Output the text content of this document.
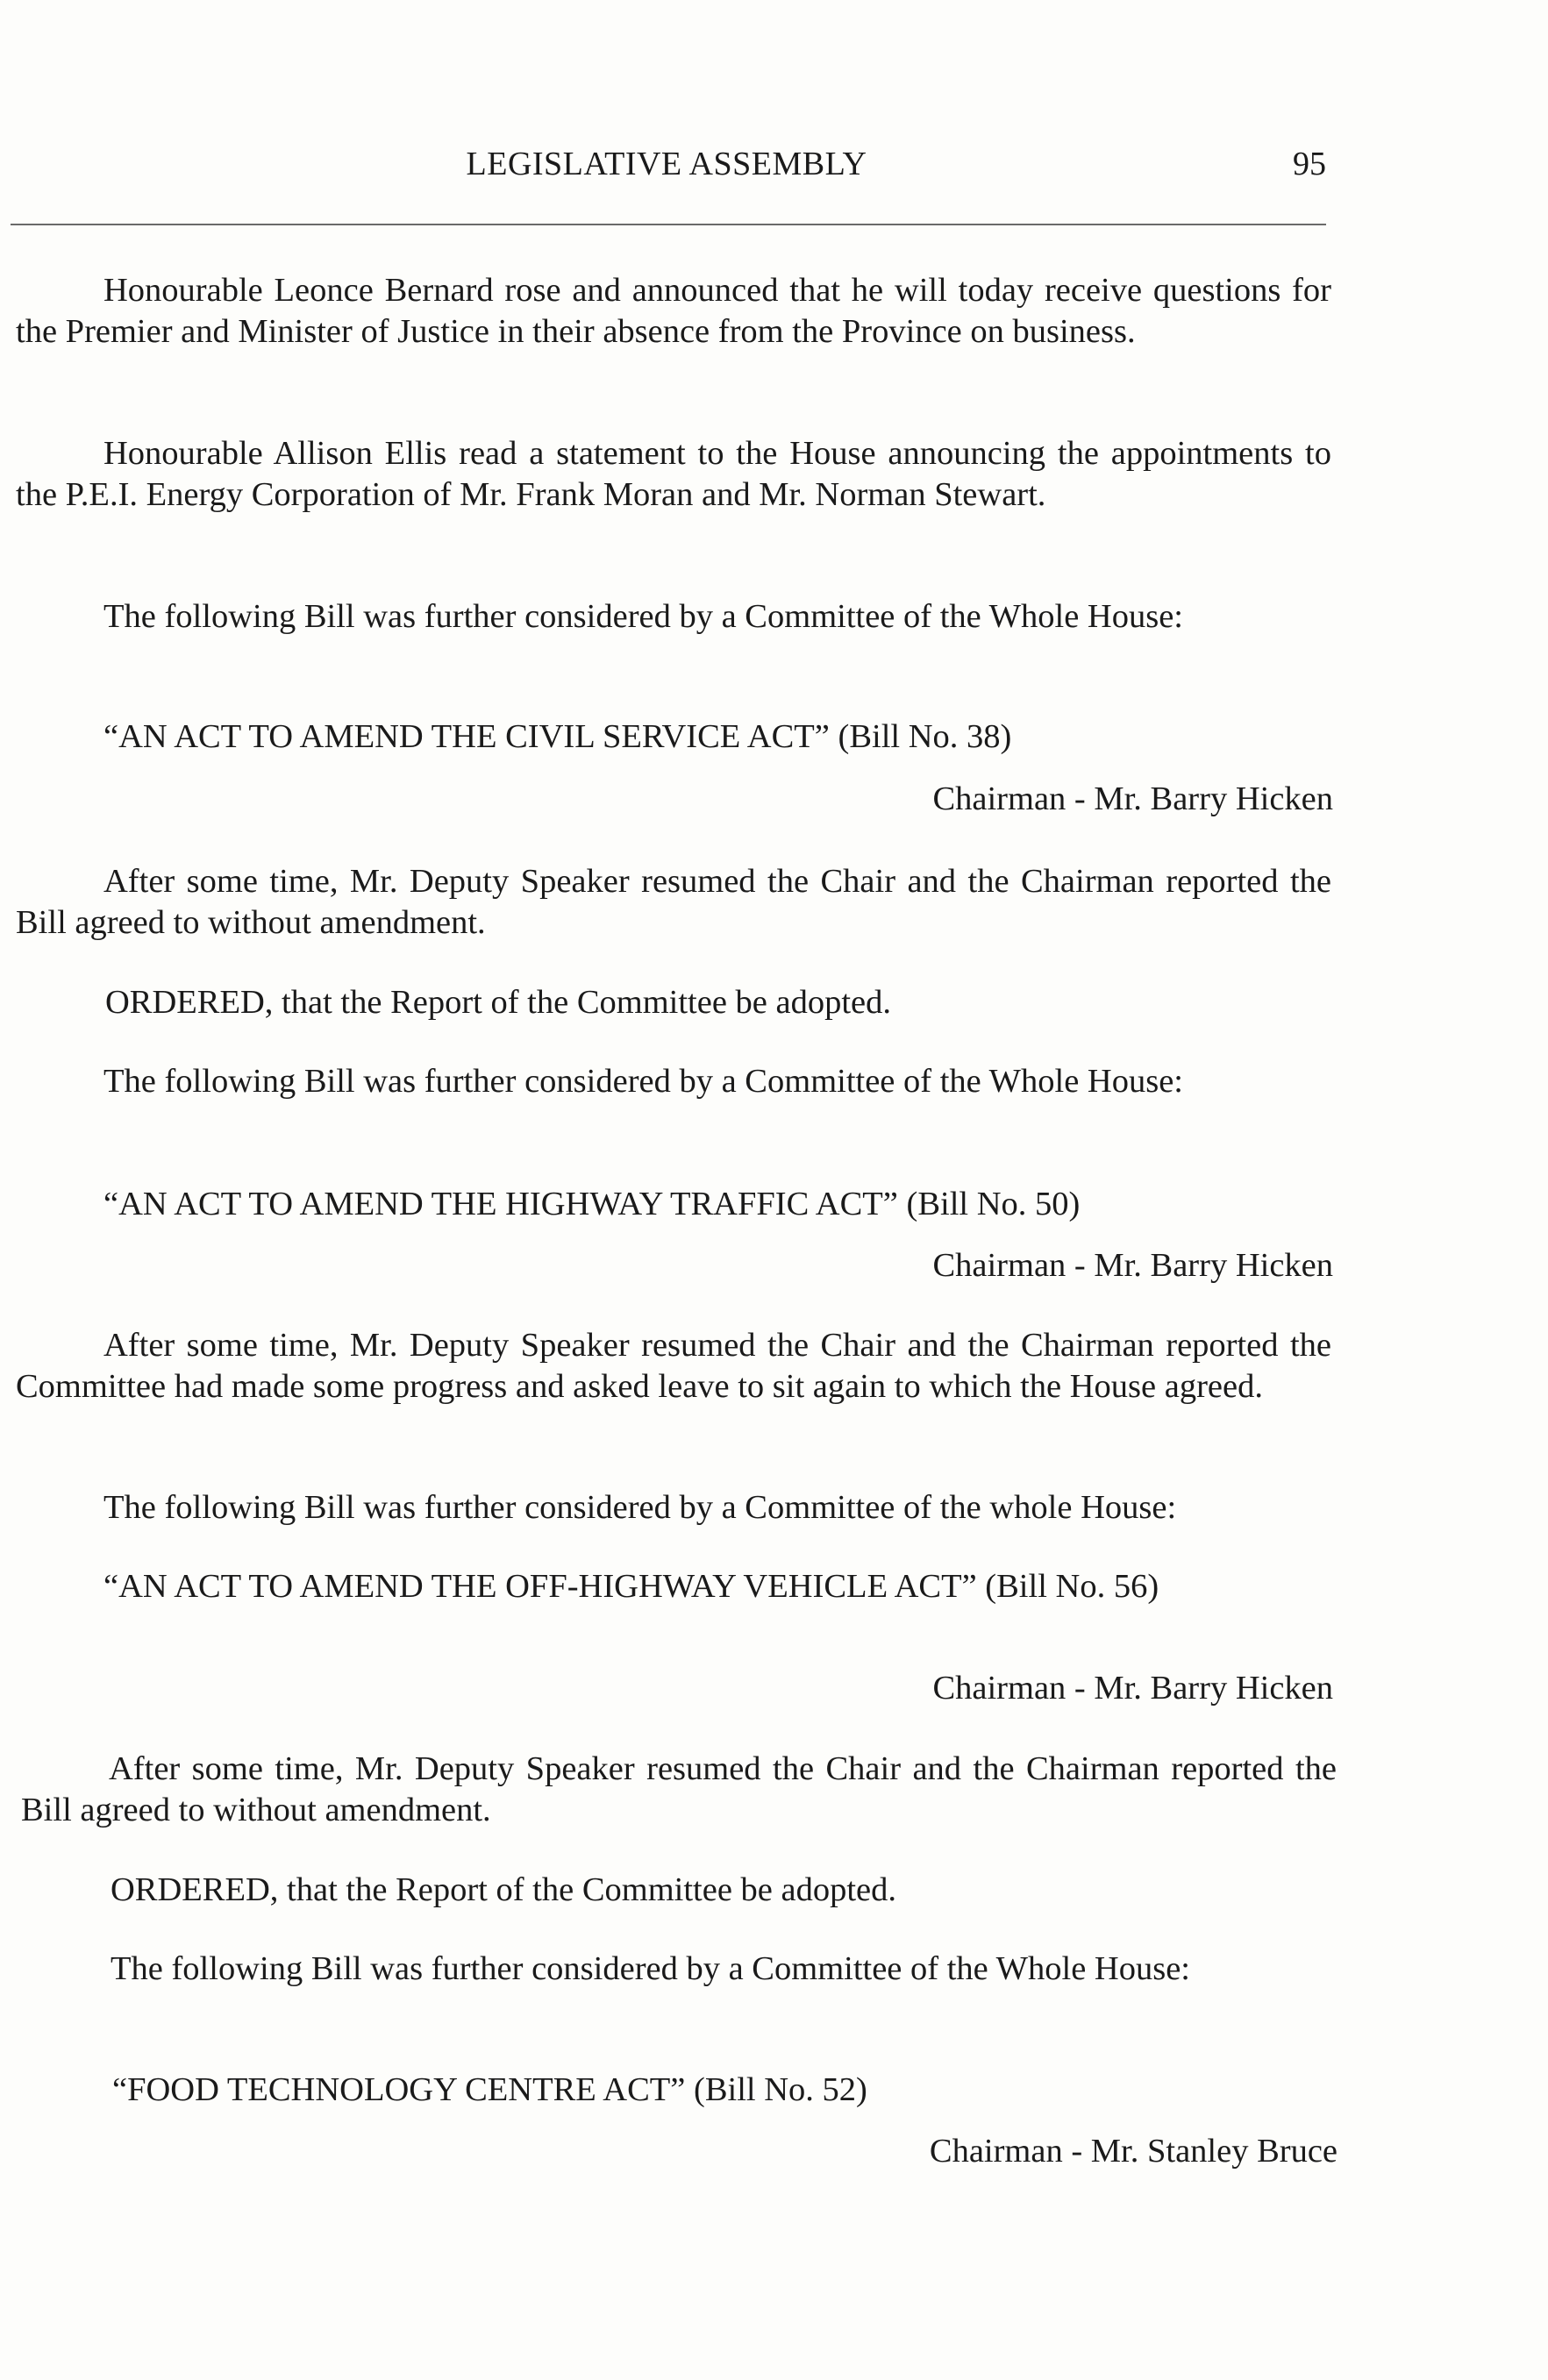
LEGISLATIVE ASSEMBLY	95
Honourable Leonce Bernard rose and announced that he will today receive questions for the Premier and Minister of Justice in their absence from the Province on business.
Honourable Allison Ellis read a statement to the House announcing the appointments to the P.E.I. Energy Corporation of Mr. Frank Moran and Mr. Norman Stewart.
The following Bill was further considered by a Committee of the Whole House:
“AN ACT TO AMEND THE CIVIL SERVICE ACT” (Bill No. 38)
Chairman - Mr. Barry Hicken
After some time, Mr. Deputy Speaker resumed the Chair and the Chairman reported the Bill agreed to without amendment.
ORDERED, that the Report of the Committee be adopted.
The following Bill was further considered by a Committee of the Whole House:
“AN ACT TO AMEND THE HIGHWAY TRAFFIC ACT” (Bill No. 50)
Chairman - Mr. Barry Hicken
After some time, Mr. Deputy Speaker resumed the Chair and the Chairman reported the Committee had made some progress and asked leave to sit again to which the House agreed.
The following Bill was further considered by a Committee of the whole House:
“AN ACT TO AMEND THE OFF-HIGHWAY VEHICLE ACT” (Bill No. 56)
Chairman - Mr. Barry Hicken
After some time, Mr. Deputy Speaker resumed the Chair and the Chairman reported the Bill agreed to without amendment.
ORDERED, that the Report of the Committee be adopted.
The following Bill was further considered by a Committee of the Whole House:
“FOOD TECHNOLOGY CENTRE ACT” (Bill No. 52)
Chairman - Mr. Stanley Bruce
